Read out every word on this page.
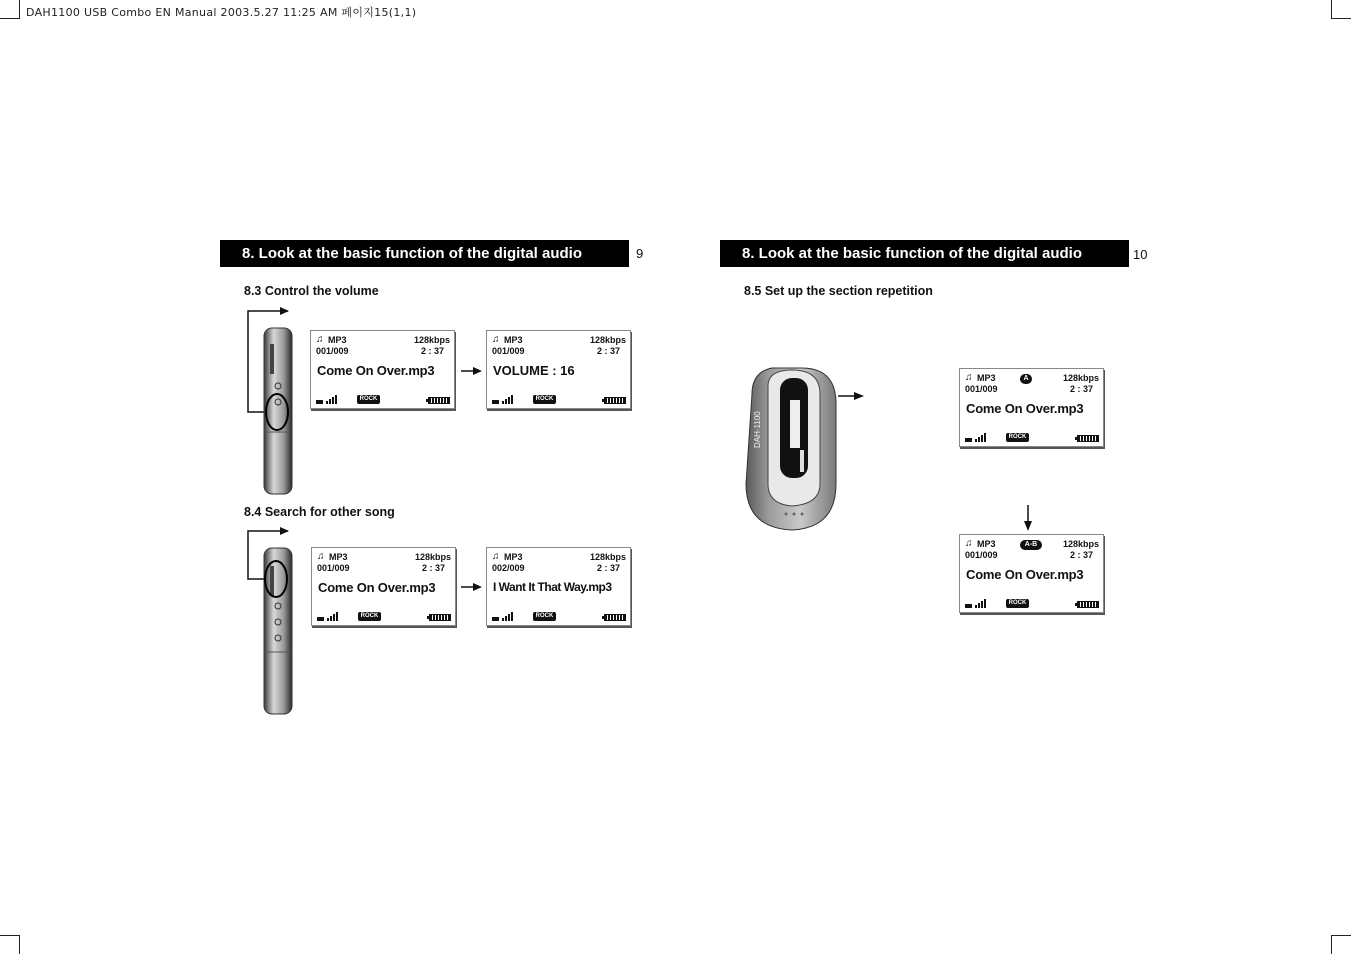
DAH1100 USB Combo EN Manual 2003.5.27 11:25 AM 페이지15(1,1)
8. Look at the basic function of the digital audio player
9
8.3 Control the volume
♫ MP3	128kbps
001/009	2 : 37
Come On Over.mp3
ROCK
♫ MP3	128kbps
001/009	2 : 37
VOLUME : 16
ROCK
8.4 Search for other song
♫ MP3	128kbps
001/009	2 : 37
Come On Over.mp3
ROCK
♫ MP3	128kbps
002/009	2 : 37
I Want It That Way.mp3
ROCK
8. Look at the basic function of the digital audio player
10
8.5 Set up the section repetition
DAH-1100
♫ MP3	A	128kbps
001/009	2 : 37
Come On Over.mp3
ROCK
♫ MP3	A-B	128kbps
001/009	2 : 37
Come On Over.mp3
ROCK
